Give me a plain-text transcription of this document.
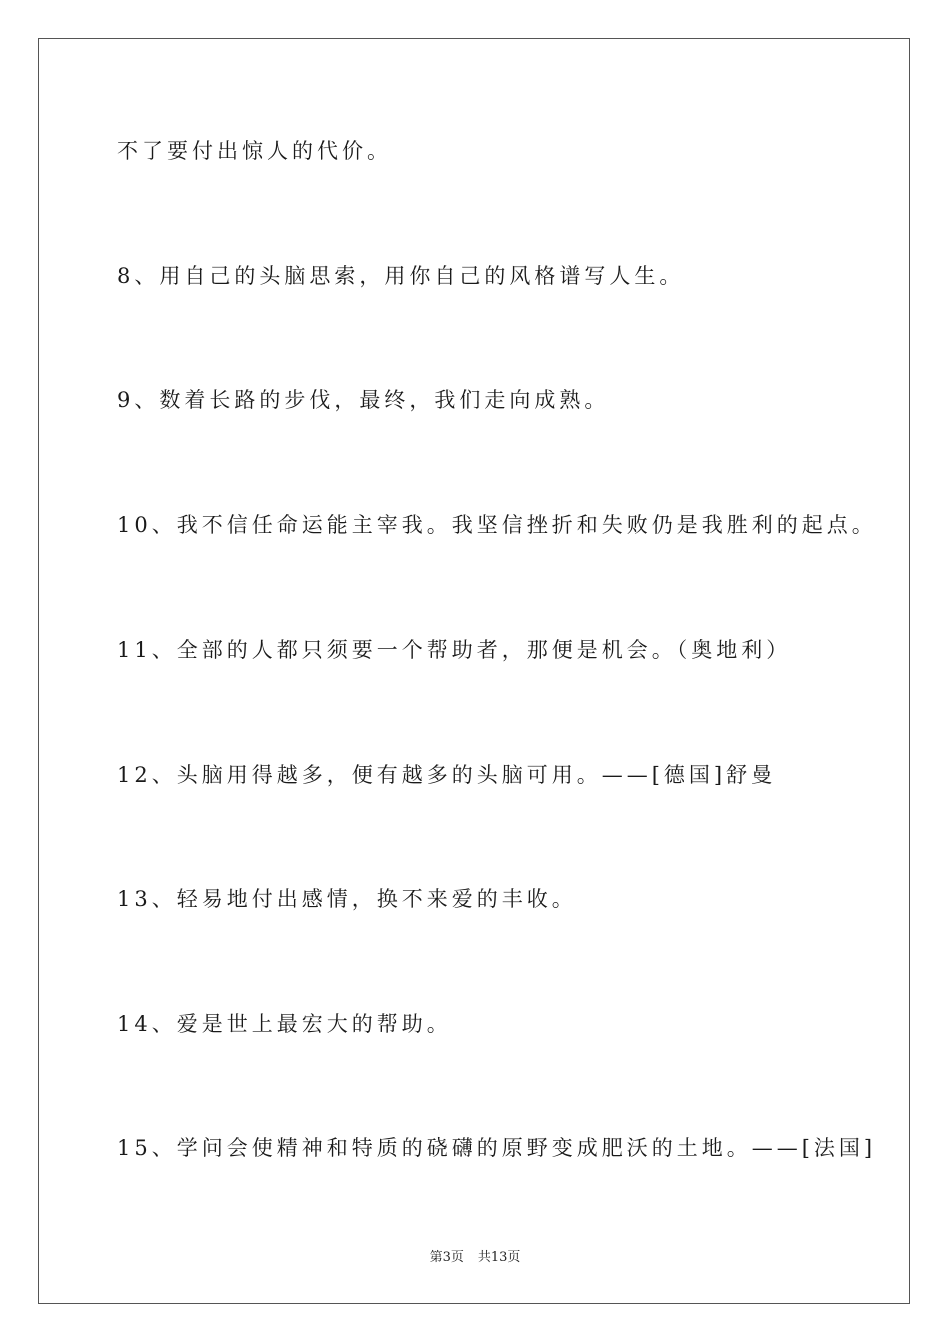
不了要付出惊人的代价。
8、用自己的头脑思索，用你自己的风格谱写人生。
9、数着长路的步伐，最终，我们走向成熟。
10、我不信任命运能主宰我。我坚信挫折和失败仍是我胜利的起点。
11、全部的人都只须要一个帮助者，那便是机会。（奥地利）
12、头脑用得越多，便有越多的头脑可用。——[德国]舒曼
13、轻易地付出感情，换不来爱的丰收。
14、爱是世上最宏大的帮助。
15、学问会使精神和特质的硗礴的原野变成肥沃的土地。——[法国]
第3页 共13页
